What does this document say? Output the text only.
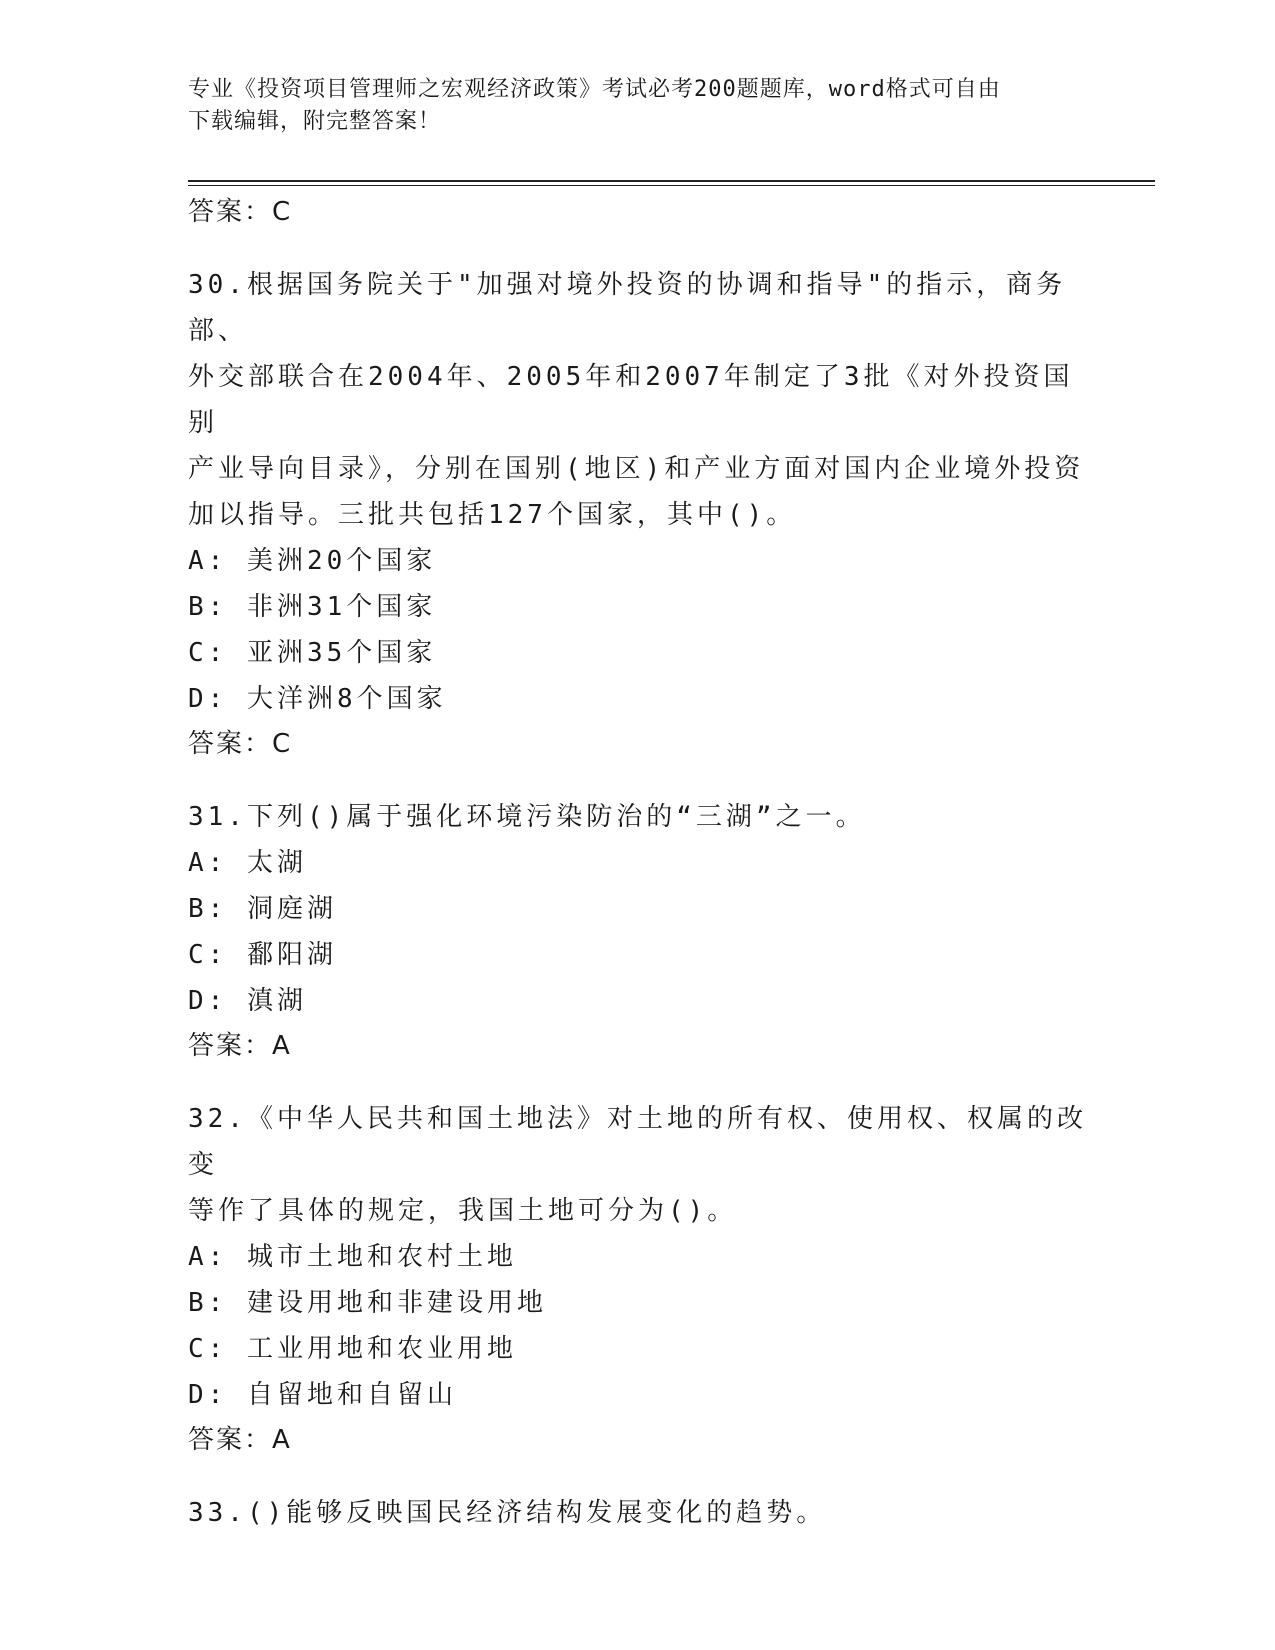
专业《投资项目管理师之宏观经济政策》考试必考200题题库，word格式可自由
下载编辑，附完整答案！
答案：C
30.根据国务院关于"加强对境外投资的协调和指导"的指示，商务部、
外交部联合在2004年、2005年和2007年制定了3批《对外投资国别
产业导向目录》，分别在国别(地区)和产业方面对国内企业境外投资
加以指导。三批共包括127个国家，其中()。
A: 美洲20个国家
B: 非洲31个国家
C: 亚洲35个国家
D: 大洋洲8个国家
答案：C
31.下列()属于强化环境污染防治的“三湖”之一。
A: 太湖
B: 洞庭湖
C: 鄱阳湖
D: 滇湖
答案：A
32.《中华人民共和国土地法》对土地的所有权、使用权、权属的改变
等作了具体的规定，我国土地可分为()。
A: 城市土地和农村土地
B: 建设用地和非建设用地
C: 工业用地和农业用地
D: 自留地和自留山
答案：A
33.()能够反映国民经济结构发展变化的趋势。
